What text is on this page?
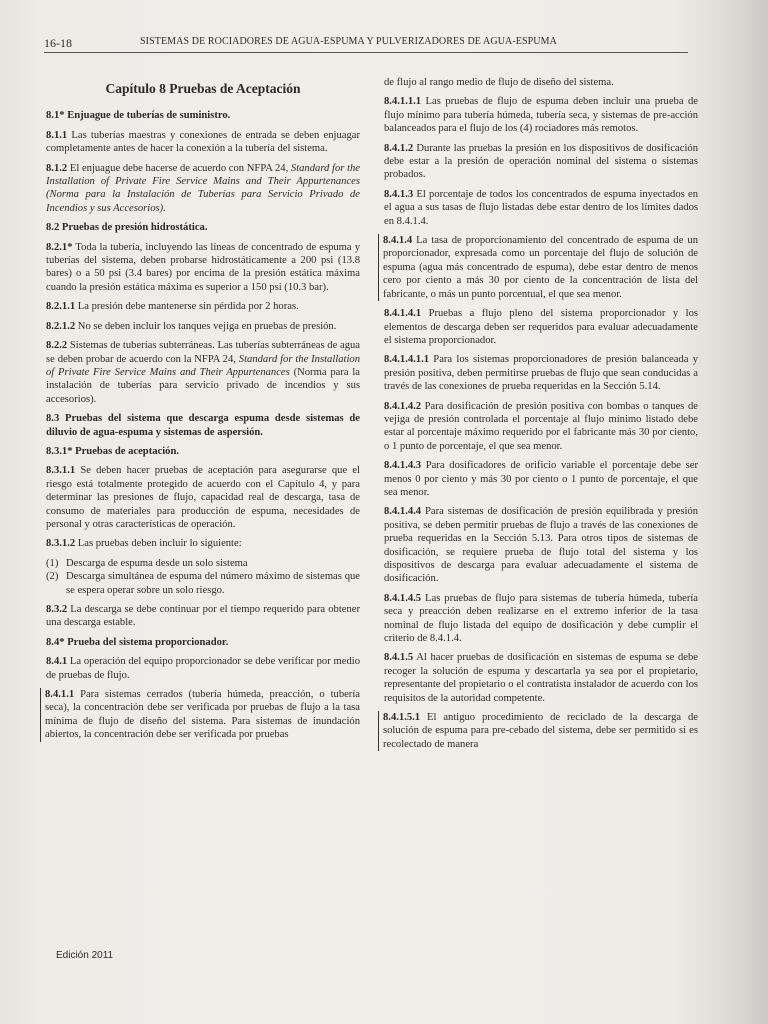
16-18	SISTEMAS DE ROCIADORES DE AGUA-ESPUMA Y PULVERIZADORES DE AGUA-ESPUMA
Capítulo 8 Pruebas de Aceptación
8.1* Enjuague de tuberías de suministro.

8.1.1 Las tuberías maestras y conexiones de entrada se deben enjuagar completamente antes de hacer la conexión a la tubería del sistema.

8.1.2 El enjuague debe hacerse de acuerdo con NFPA 24, Standard for the Installation of Private Fire Service Mains and Their Appurtenances (Norma para la Instalación de Tuberías para Servicio Privado de Incendios y sus Accesorios).

8.2 Pruebas de presión hidrostática.

8.2.1* Toda la tubería, incluyendo las líneas de concentrado de espuma y tuberías del sistema, deben probarse hidrostáticamente a 200 psi (13.8 bares) o a 50 psi (3.4 bares) por encima de la presión estática máxima cuando la presión estática máxima es superior a 150 psi (10.3 bar).

8.2.1.1 La presión debe mantenerse sin pérdida por 2 horas.

8.2.1.2 No se deben incluir los tanques vejiga en pruebas de presión.

8.2.2 Sistemas de tuberías subterráneas. Las tuberías subterráneas de agua se deben probar de acuerdo con la NFPA 24, Standard for the Installation of Private Fire Service Mains and Their Appurtenances (Norma para la instalación de tuberías para servicio privado de incendios y sus accesorios).

8.3 Pruebas del sistema que descarga espuma desde sistemas de diluvio de agua-espuma y sistemas de aspersión.
8.3.1* Pruebas de aceptación.

8.3.1.1 Se deben hacer pruebas de aceptación para asegurarse que el riesgo está totalmente protegido de acuerdo con el Capítulo 4, y para determinar las presiones de flujo, capacidad real de descarga, tasa de consumo de materiales para producción de espuma, necesidades de personal y otras características de operación.

8.3.1.2 Las pruebas deben incluir lo siguiente:

(1) Descarga de espuma desde un solo sistema
(2) Descarga simultánea de espuma del número máximo de sistemas que se espera operar sobre un solo riesgo.

8.3.2 La descarga se debe continuar por el tiempo requerido para obtener una descarga estable.

8.4* Prueba del sistema proporcionador.

8.4.1 La operación del equipo proporcionador se debe verificar por medio de pruebas de flujo.

8.4.1.1 Para sistemas cerrados (tubería húmeda, preacción, o tubería seca), la concentración debe ser verificada por pruebas de flujo a la tasa mínima de flujo de diseño del sistema. Para sistemas de inundación abiertos, la concentración debe ser verificada por pruebas

de flujo al rango medio de flujo de diseño del sistema.

8.4.1.1.1 Las pruebas de flujo de espuma deben incluir una prueba de flujo mínimo para tubería húmeda, tubería seca, y sistemas de pre-acción balanceados para el flujo de los (4) rociadores más remotos.

8.4.1.2 Durante las pruebas la presión en los dispositivos de dosificación debe estar a la presión de operación nominal del sistema o sistemas probados.

8.4.1.3 El porcentaje de todos los concentrados de espuma inyectados en el agua a sus tasas de flujo listadas debe estar dentro de los límites dados en 8.4.1.4.

8.4.1.4 La tasa de proporcionamiento del concentrado de espuma de un proporcionador, expresada como un porcentaje del flujo de solución de espuma (agua más concentrado de espuma), debe estar dentro de menos cero por ciento a más 30 por ciento de la concentración de lista del fabricante, o más un punto porcentual, el que sea menor.

8.4.1.4.1 Pruebas a flujo pleno del sistema proporcionador y los elementos de descarga deben ser requeridos para evaluar adecuadamente el sistema proporcionador.

8.4.1.4.1.1 Para los sistemas proporcionadores de presión balanceada y presión positiva, deben permitirse pruebas de flujo que sean conducidas a través de las conexiones de prueba requeridas en la Sección 5.14.

8.4.1.4.2 Para dosificación de presión positiva con bombas o tanques de vejiga de presión controlada el porcentaje al flujo mínimo listado debe estar al porcentaje máximo requerido por el fabricante más 30 por ciento, o 1 punto de porcentaje, el que sea menor.

8.4.1.4.3 Para dosificadores de orificio variable el porcentaje debe ser menos 0 por ciento y más 30 por ciento o 1 punto de porcentaje, el que sea menor.

8.4.1.4.4 Para sistemas de dosificación de presión equilibrada y presión positiva, se deben permitir pruebas de flujo a través de las conexiones de prueba requeridas en la Sección 5.13. Para otros tipos de sistemas de dosificación, se requiere prueba de flujo total del sistema y los dispositivos de descarga para evaluar adecuadamente el sistema de dosificación.

8.4.1.4.5 Las pruebas de flujo para sistemas de tubería húmeda, tubería seca y preacción deben realizarse en el extremo inferior de la tasa nominal de flujo listada del equipo de dosificación y debe cumplir el criterio de 8.4.1.4.

8.4.1.5 Al hacer pruebas de dosificación en sistemas de espuma se debe recoger la solución de espuma y descartarla ya sea por el propietario, representante del propietario o el contratista instalador de acuerdo con los requisitos de la autoridad competente.

8.4.1.5.1 El antiguo procedimiento de reciclado de la descarga de solución de espuma para pre-cebado del sistema, debe ser permitido si es recolectado de manera

Edición 2011
